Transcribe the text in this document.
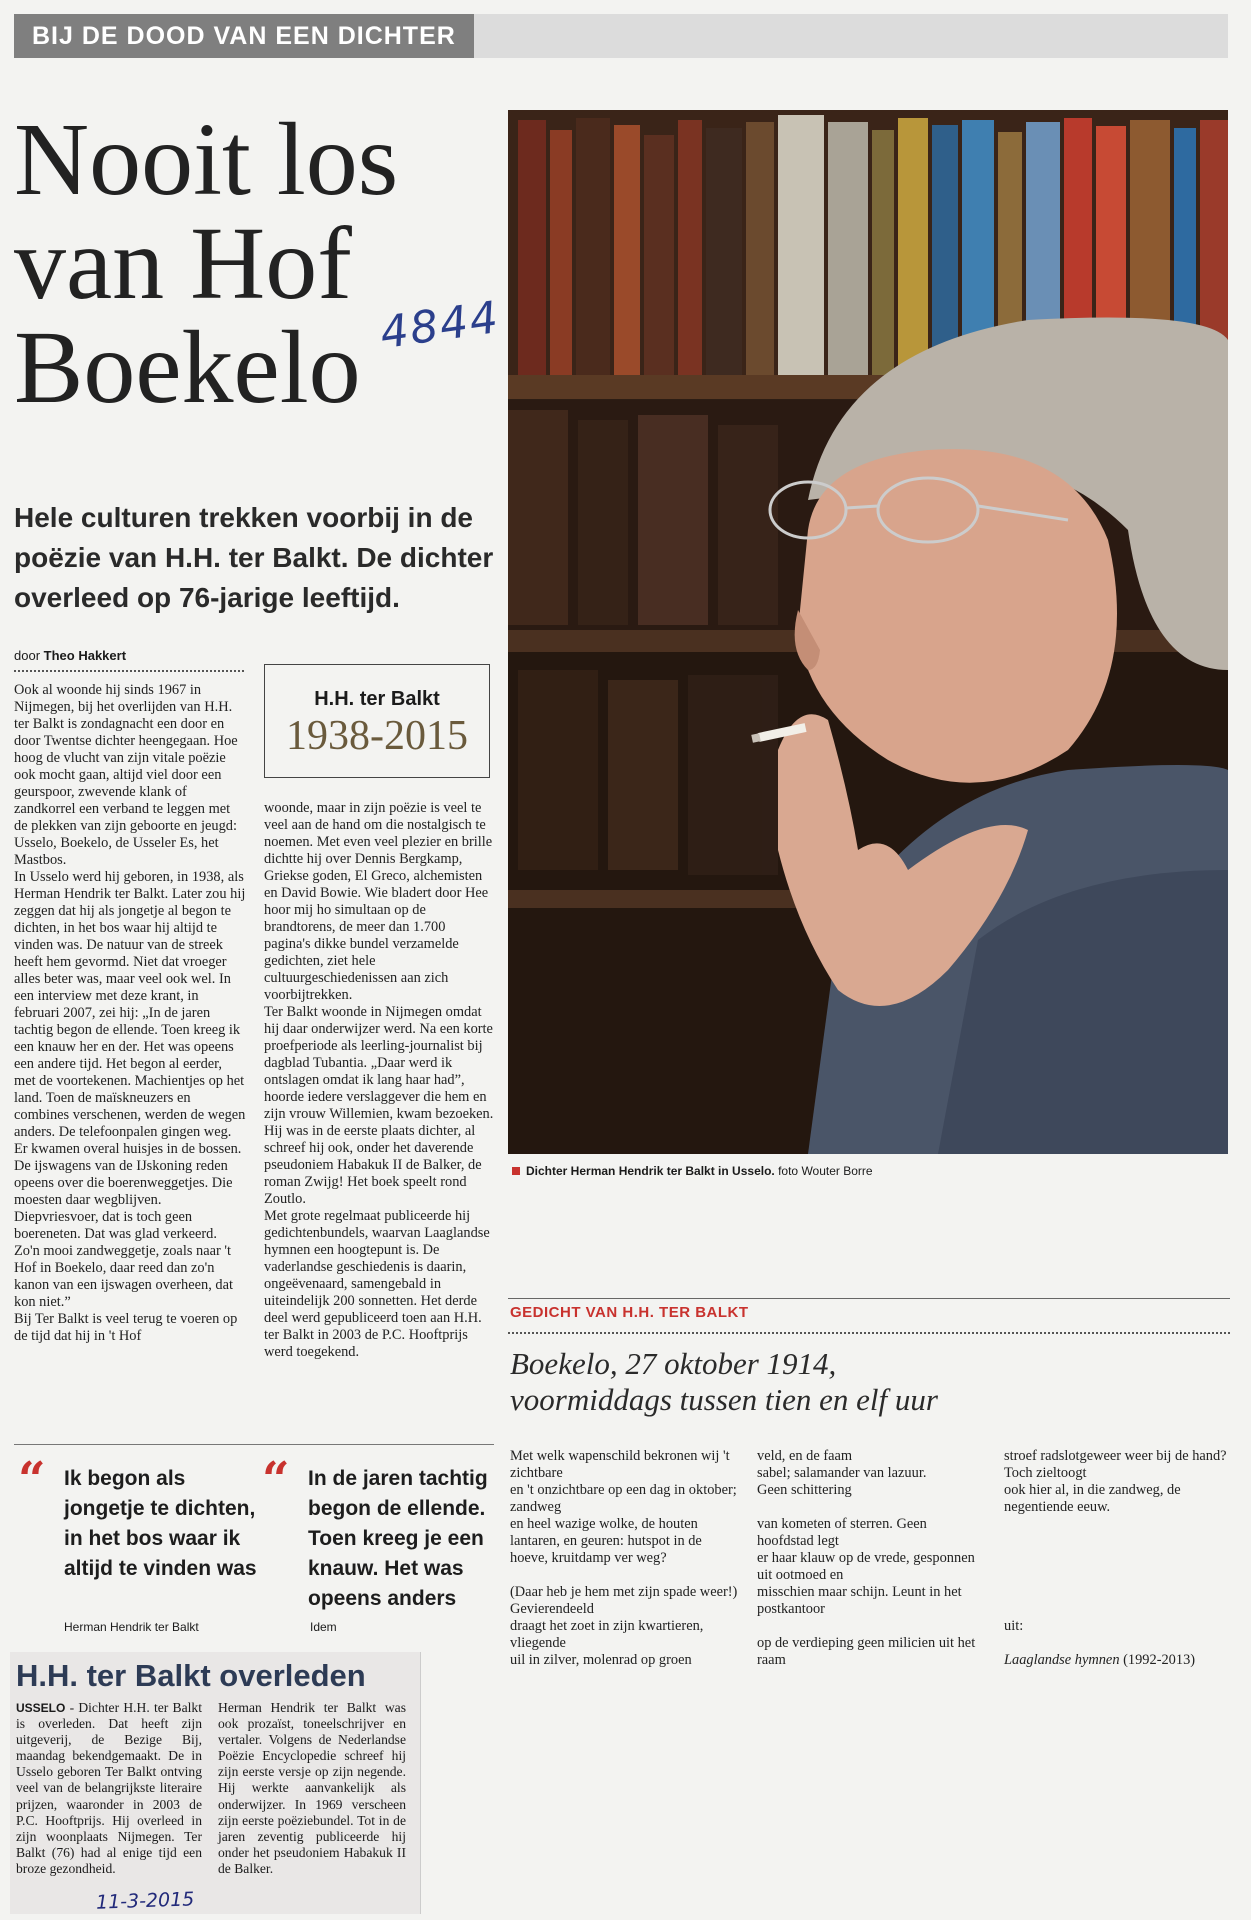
BIJ DE DOOD VAN EEN DICHTER
Nooit los
van Hof
Boekelo 4844
Hele culturen trekken voorbij in de poëzie van H.H. ter Balkt. De dichter overleed op 76-jarige leeftijd.
door Theo Hakkert

Ook al woonde hij sinds 1967 in Nijmegen, bij het overlijden van H.H. ter Balkt is zondagnacht een door en door Twentse dichter heengegaan. Hoe hoog de vlucht van zijn vitale poëzie ook mocht gaan, altijd viel door een geurspoor, zwevende klank of zandkorrel een verband te leggen met de plekken van zijn geboorte en jeugd: Usselo, Boekelo, de Usseler Es, het Mastbos.

In Usselo werd hij geboren, in 1938, als Herman Hendrik ter Balkt. Later zou hij zeggen dat hij als jongetje al begon te dichten, in het bos waar hij altijd te vinden was. De natuur van de streek heeft hem gevormd. Niet dat vroeger alles beter was, maar veel ook wel. In een interview met deze krant, in februari 2007, zei hij: „In de jaren tachtig begon de ellende. Toen kreeg ik een knauw her en der. Het was opeens een andere tijd. Het begon al eerder, met de voortekenen. Machientjes op het land. Toen de maïskneuzers en combines verschenen, werden de wegen anders. De telefoonpalen gingen weg. Er kwamen overal huisjes in de bossen. De ijswagens van de IJskoning reden opeens over die boerenweggetjes. Die moesten daar wegblijven. Diepvriesvoer, dat is toch geen boereneten. Dat was glad verkeerd. Zo'n mooi zandweggetje, zoals naar 't Hof in Boekelo, daar reed dan zo'n kanon van een ijswagen overheen, dat kon niet.”

Bij Ter Balkt is veel terug te voeren op de tijd dat hij in 't Hof

H.H. ter Balkt
1938-2015

woonde, maar in zijn poëzie is veel te veel aan de hand om die nostalgisch te noemen. Met even veel plezier en brille dichtte hij over Dennis Bergkamp, Griekse goden, El Greco, alchemisten en David Bowie. Wie bladert door Hee hoor mij ho simultaan op de brandtorens, de meer dan 1.700 pagina's dikke bundel verzamelde gedichten, ziet hele cultuurgeschiedenissen aan zich voorbijtrekken.

Ter Balkt woonde in Nijmegen omdat hij daar onderwijzer werd. Na een korte proefperiode als leerling-journalist bij dagblad Tubantia. „Daar werd ik ontslagen omdat ik lang haar had”, hoorde iedere verslaggever die hem en zijn vrouw Willemien, kwam bezoeken. Hij was in de eerste plaats dichter, al schreef hij ook, onder het daverende pseudoniem Habakuk II de Balker, de roman Zwijg! Het boek speelt rond Zoutlo.

Met grote regelmaat publiceerde hij gedichtenbundels, waarvan Laaglandse hymnen een hoogtepunt is. De vaderlandse geschiedenis is daarin, ongeëvenaard, samengebald in uiteindelijk 200 sonnetten. Het derde deel werd gepubliceerd toen aan H.H. ter Balkt in 2003 de P.C. Hooftprijs werd toegekend.

Dichter Herman Hendrik ter Balkt in Usselo. foto Wouter Borre
GEDICHT VAN H.H. TER BALKT
Boekelo, 27 oktober 1914,
voormiddags tussen tien en elf uur
Met welk wapenschild bekronen wij 't zichtbare
en 't onzichtbare op een dag in oktober; zandweg
en heel wazige wolke, de houten lantaren, en geuren: hutspot in de hoeve, kruitdamp ver weg?
(Daar heb je hem met zijn spade weer!) Gevierendeeld
draagt het zoet in zijn kwartieren, vliegende
uil in zilver, molenrad op groen
veld, en de faam
sabel; salamander van lazuur.
Geen schittering
van kometen of sterren. Geen hoofdstad legt
er haar klauw op de vrede, gesponnen uit ootmoed en
misschien maar schijn. Leunt in het postkantoor
op de verdieping geen milicien uit het raam
stroef radslotgeweer weer bij de hand? Toch zieltoogt
ook hier al, in die zandweg, de negentiende eeuw.
uit:
Laaglandse hymnen (1992-2013)
“ Ik begon als jongetje te dichten, in het bos waar ik altijd te vinden was
Herman Hendrik ter Balkt
“ In de jaren tachtig begon de ellende. Toen kreeg je een knauw. Het was opeens anders
Idem
H.H. ter Balkt overleden
USSELO - Dichter H.H. ter Balkt is overleden. Dat heeft zijn uitgeverij, de Bezige Bij, maandag bekendgemaakt. De in Usselo geboren Ter Balkt ontving veel van de belangrijkste literaire prijzen, waaronder in 2003 de P.C. Hooftprijs. Hij overleed in zijn woonplaats Nijmegen. Ter Balkt (76) had al enige tijd een broze gezondheid.
Herman Hendrik ter Balkt was ook prozaïst, toneelschrijver en vertaler. Volgens de Nederlandse Poëzie Encyclopedie schreef hij zijn eerste versje op zijn negende. Hij werkte aanvankelijk als onderwijzer. In 1969 verscheen zijn eerste poëziebundel. Tot in de jaren zeventig publiceerde hij onder het pseudoniem Habakuk II de Balker.
11-3-2015
